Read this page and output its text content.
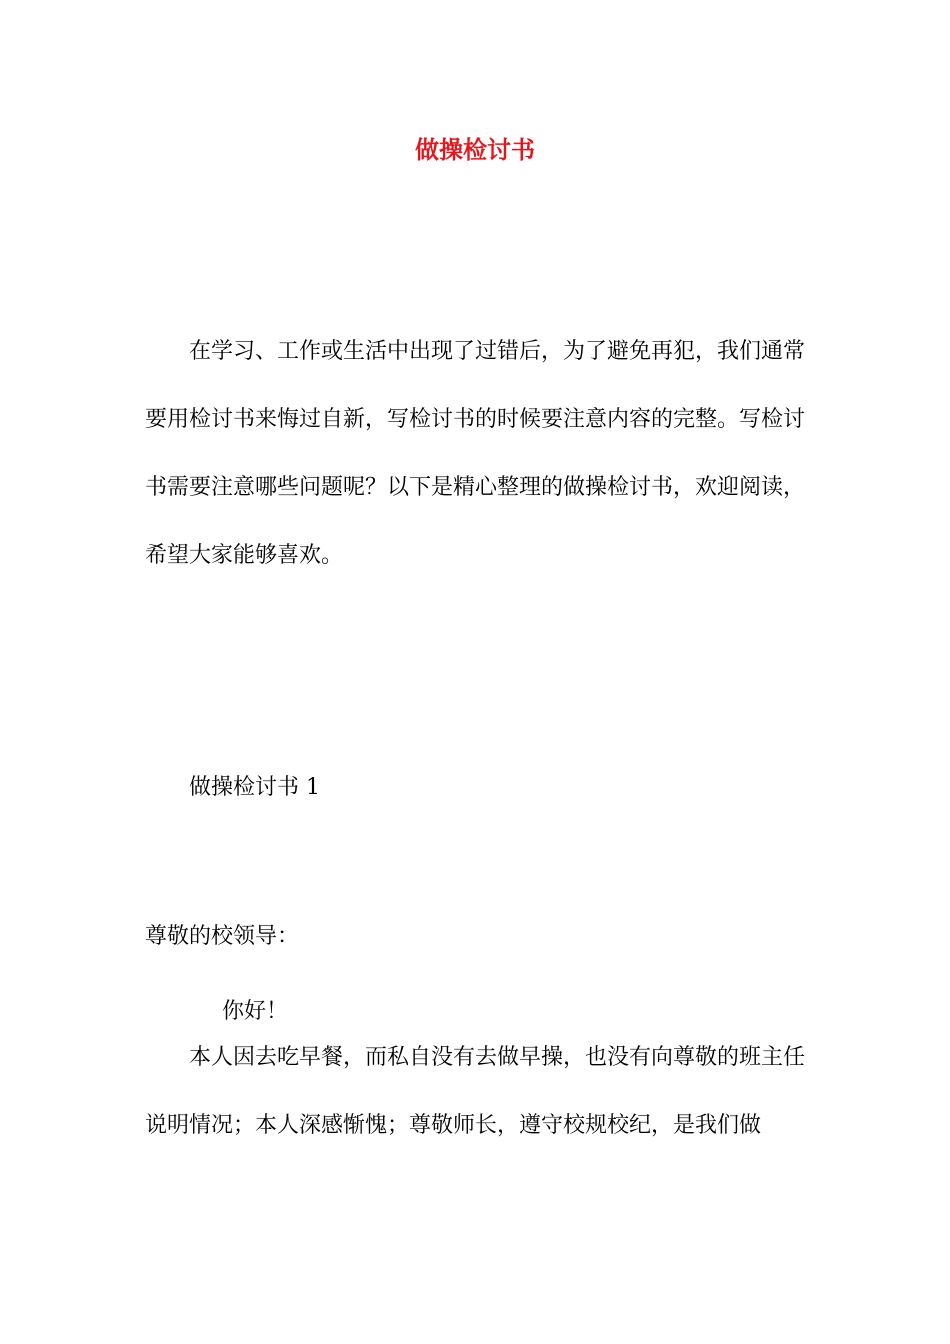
做操检讨书

在学习、工作或生活中出现了过错后，为了避免再犯，我们通常要用检讨书来悔过自新，写检讨书的时候要注意内容的完整。写检讨书需要注意哪些问题呢？以下是精心整理的做操检讨书，欢迎阅读，希望大家能够喜欢。

做操检讨书 1

尊敬的校领导：

你好！

本人因去吃早餐，而私自没有去做早操，也没有向尊敬的班主任说明情况；本人深感惭愧；尊敬师长，遵守校规校纪，是我们做
